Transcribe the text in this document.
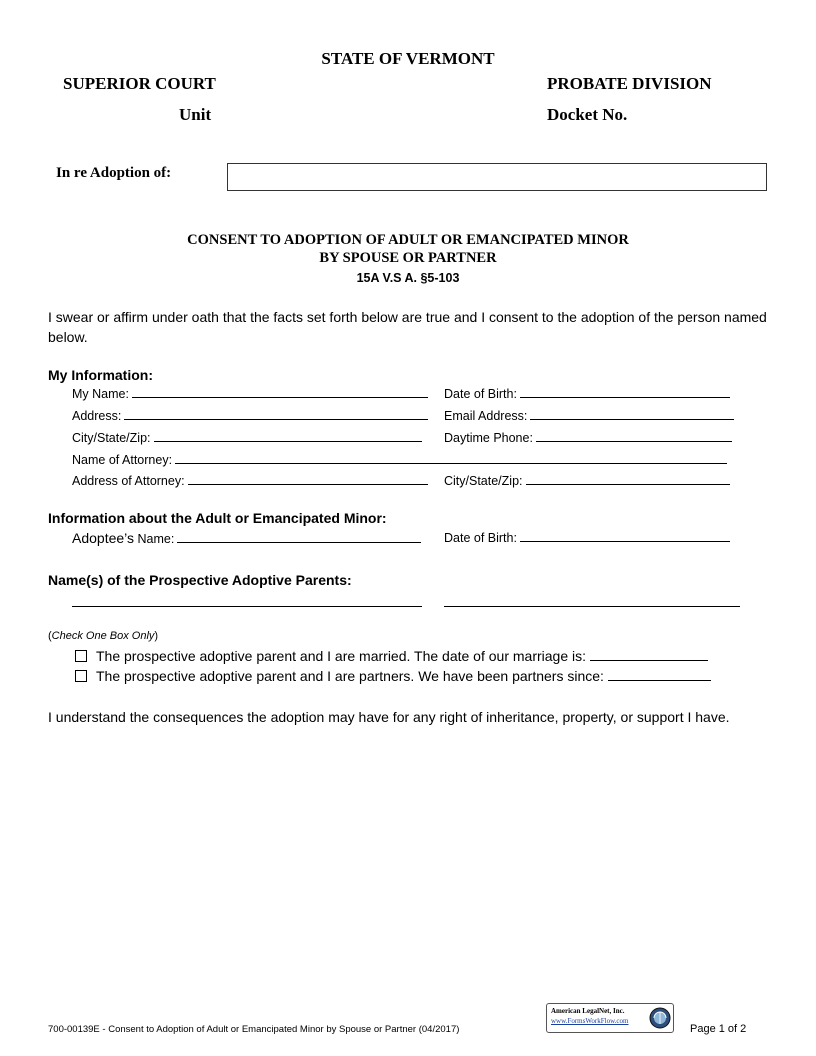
STATE OF VERMONT
SUPERIOR COURT	PROBATE DIVISION
Unit	Docket No.
In re Adoption of:
CONSENT TO ADOPTION OF ADULT OR EMANCIPATED MINOR
BY SPOUSE OR PARTNER
15A V.S A. §5-103
I swear or affirm under oath that the facts set forth below are true and I consent to the adoption of the person named below.
My Information:
My Name:	Date of Birth:
Address:	Email Address:
City/State/Zip:	Daytime Phone:
Name of Attorney:
Address of Attorney:	City/State/Zip:
Information about the Adult or Emancipated Minor:
Adoptee’s Name:	Date of Birth:
Name(s) of the Prospective Adoptive Parents:
(Check One Box Only)
The prospective adoptive parent and I are married. The date of our marriage is:
The prospective adoptive parent and I are partners. We have been partners since:
I understand the consequences the adoption may have for any right of inheritance, property, or support I have.
700-00139E - Consent to Adoption of Adult or Emancipated Minor by Spouse or Partner (04/2017)
American LegalNet, Inc.
www.FormsWorkFlow.com
Page 1 of 2
